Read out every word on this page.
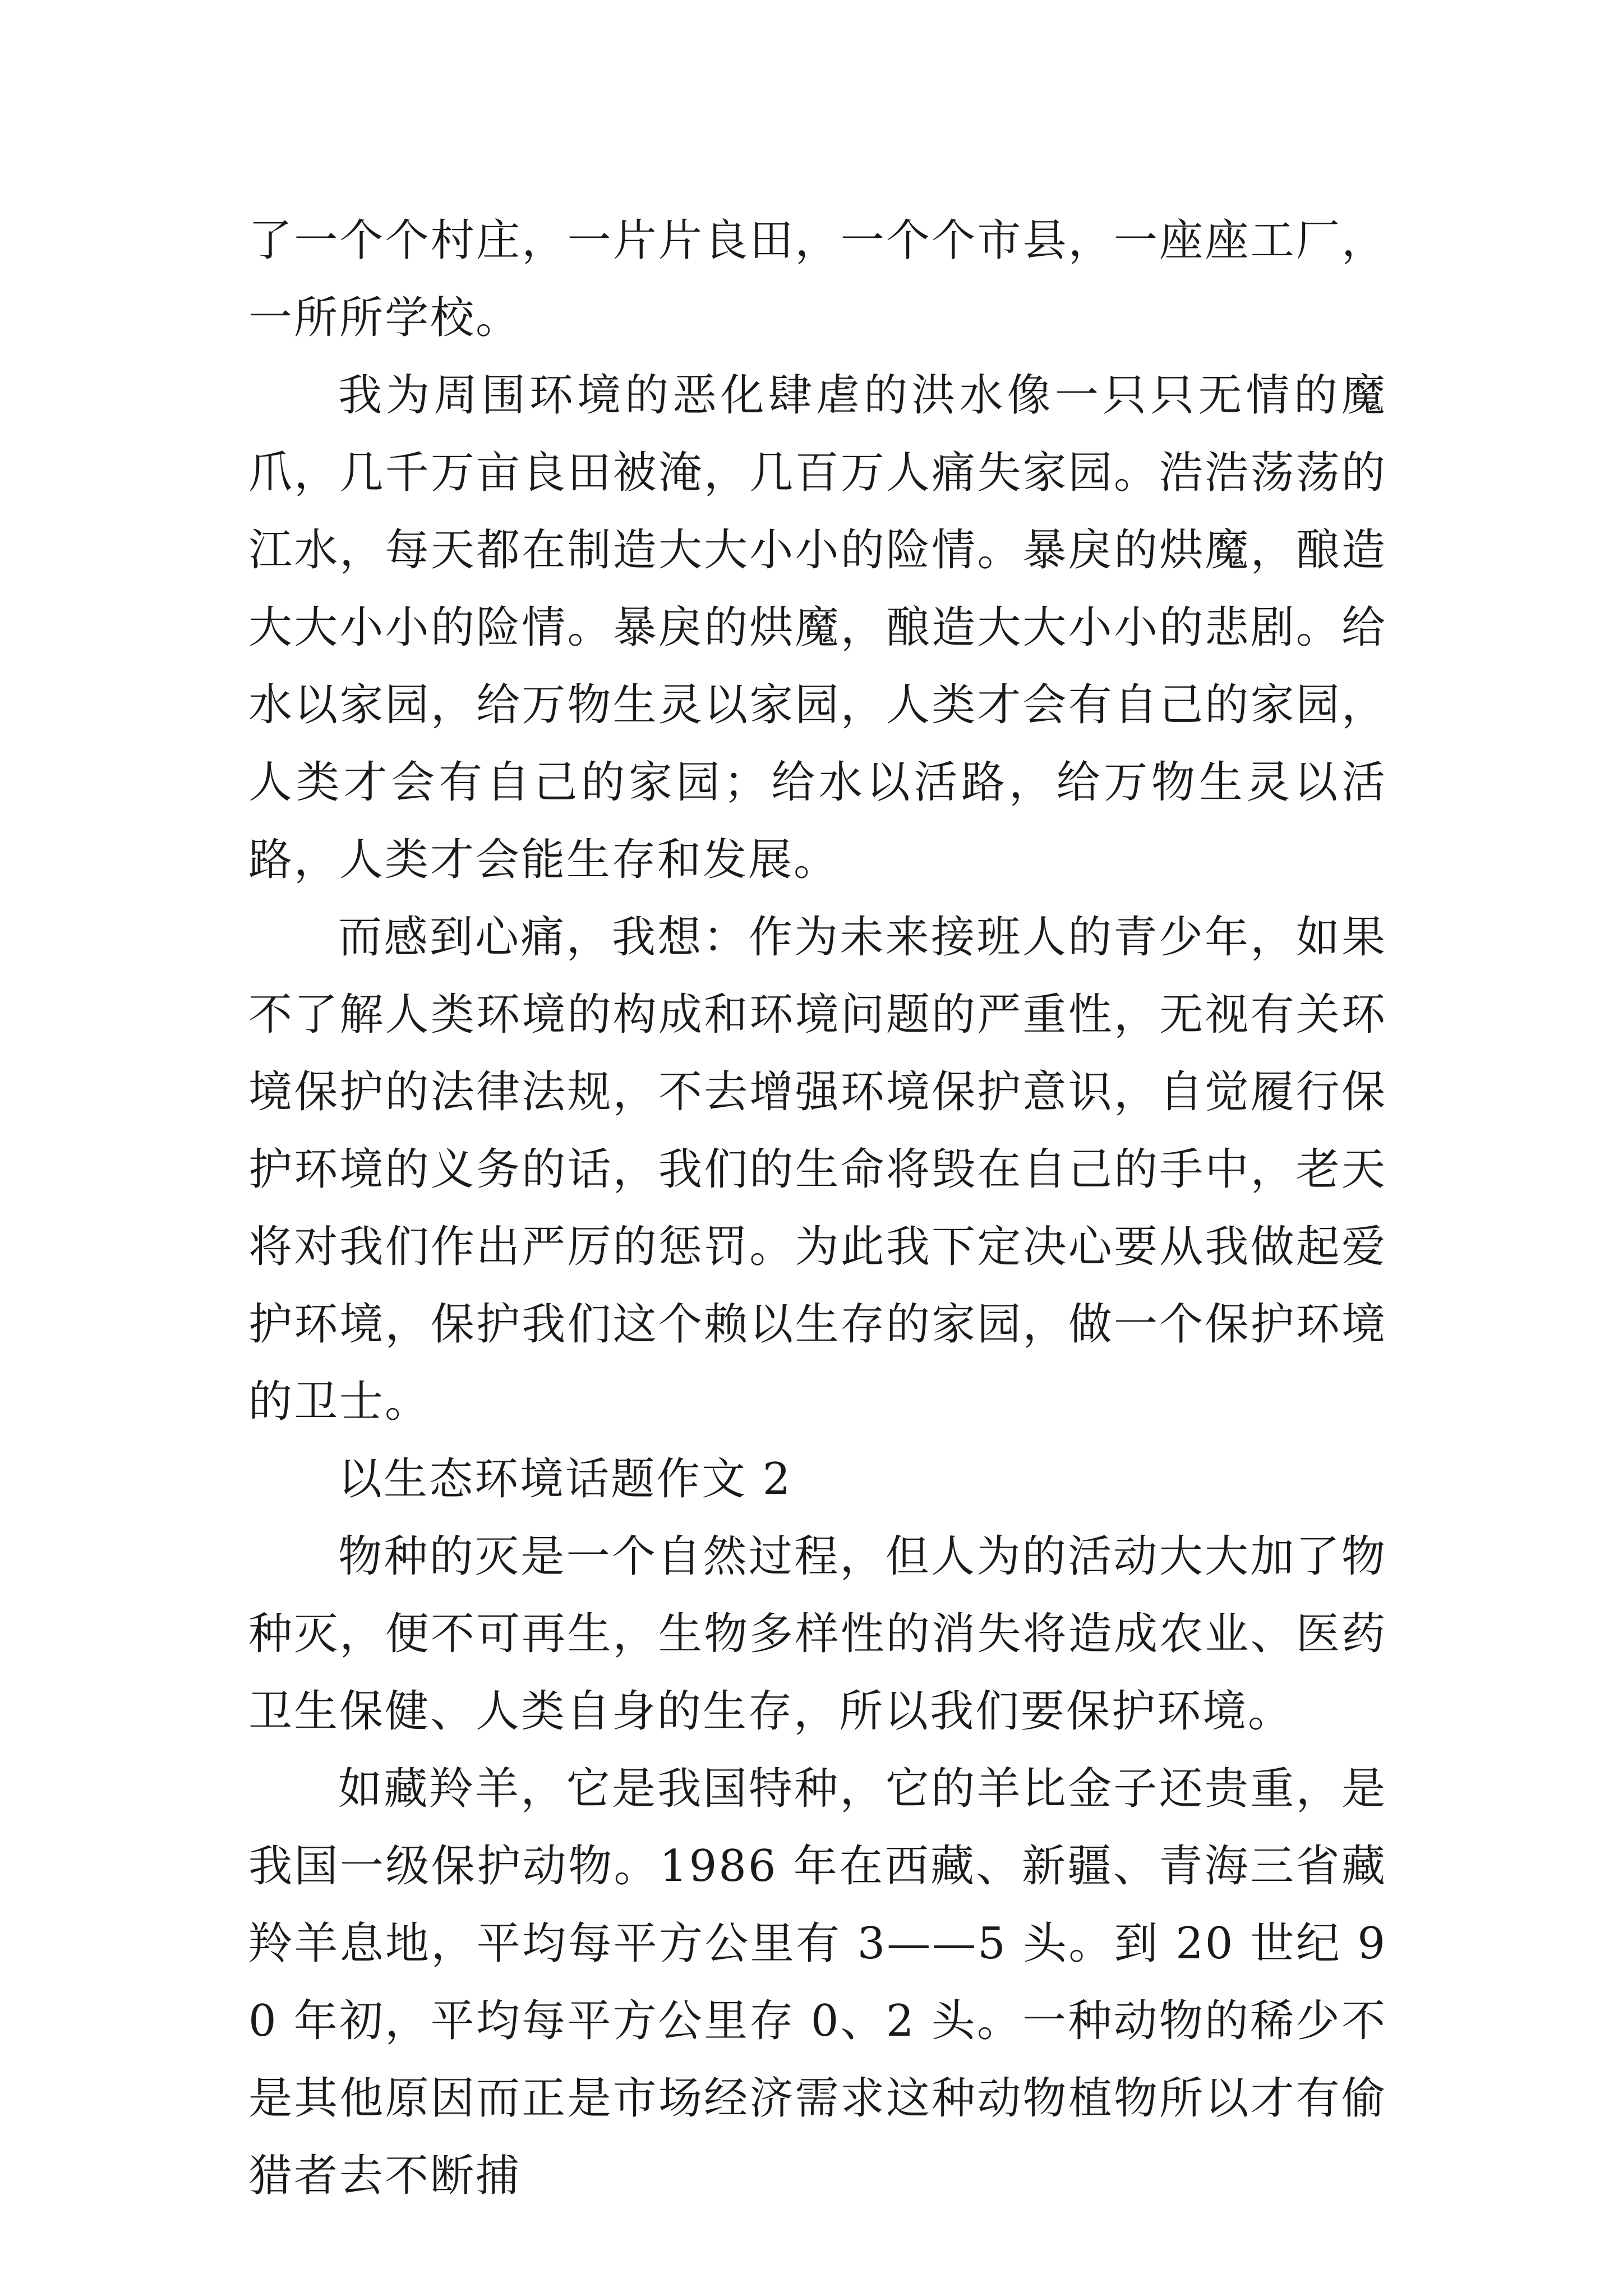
了一个个村庄，一片片良田，一个个市县，一座座工厂，一所所学校。

我为周围环境的恶化肆虐的洪水像一只只无情的魔爪，几千万亩良田被淹，几百万人痛失家园。浩浩荡荡的江水，每天都在制造大大小小的险情。暴戾的烘魔，酿造大大小小的险情。暴戾的烘魔，酿造大大小小的悲剧。给水以家园，给万物生灵以家园，人类才会有自己的家园，人类才会有自己的家园；给水以活路，给万物生灵以活路，人类才会能生存和发展。

而感到心痛，我想：作为未来接班人的青少年，如果不了解人类环境的构成和环境问题的严重性，无视有关环境保护的法律法规，不去增强环境保护意识，自觉履行保护环境的义务的话，我们的生命将毁在自己的手中，老天将对我们作出严厉的惩罚。为此我下定决心要从我做起爱护环境，保护我们这个赖以生存的家园，做一个保护环境的卫士。

以生态环境话题作文 2

物种的灭是一个自然过程，但人为的活动大大加了物种灭，便不可再生，生物多样性的消失将造成农业、医药卫生保健、人类自身的生存，所以我们要保护环境。

如藏羚羊，它是我国特种，它的羊比金子还贵重，是我国一级保护动物。1986 年在西藏、新疆、青海三省藏羚羊息地，平均每平方公里有 3——5 头。到 20 世纪 90 年初，平均每平方公里存 0、2 头。一种动物的稀少不是其他原因而正是市场经济需求这种动物植物所以才有偷猎者去不断捕
